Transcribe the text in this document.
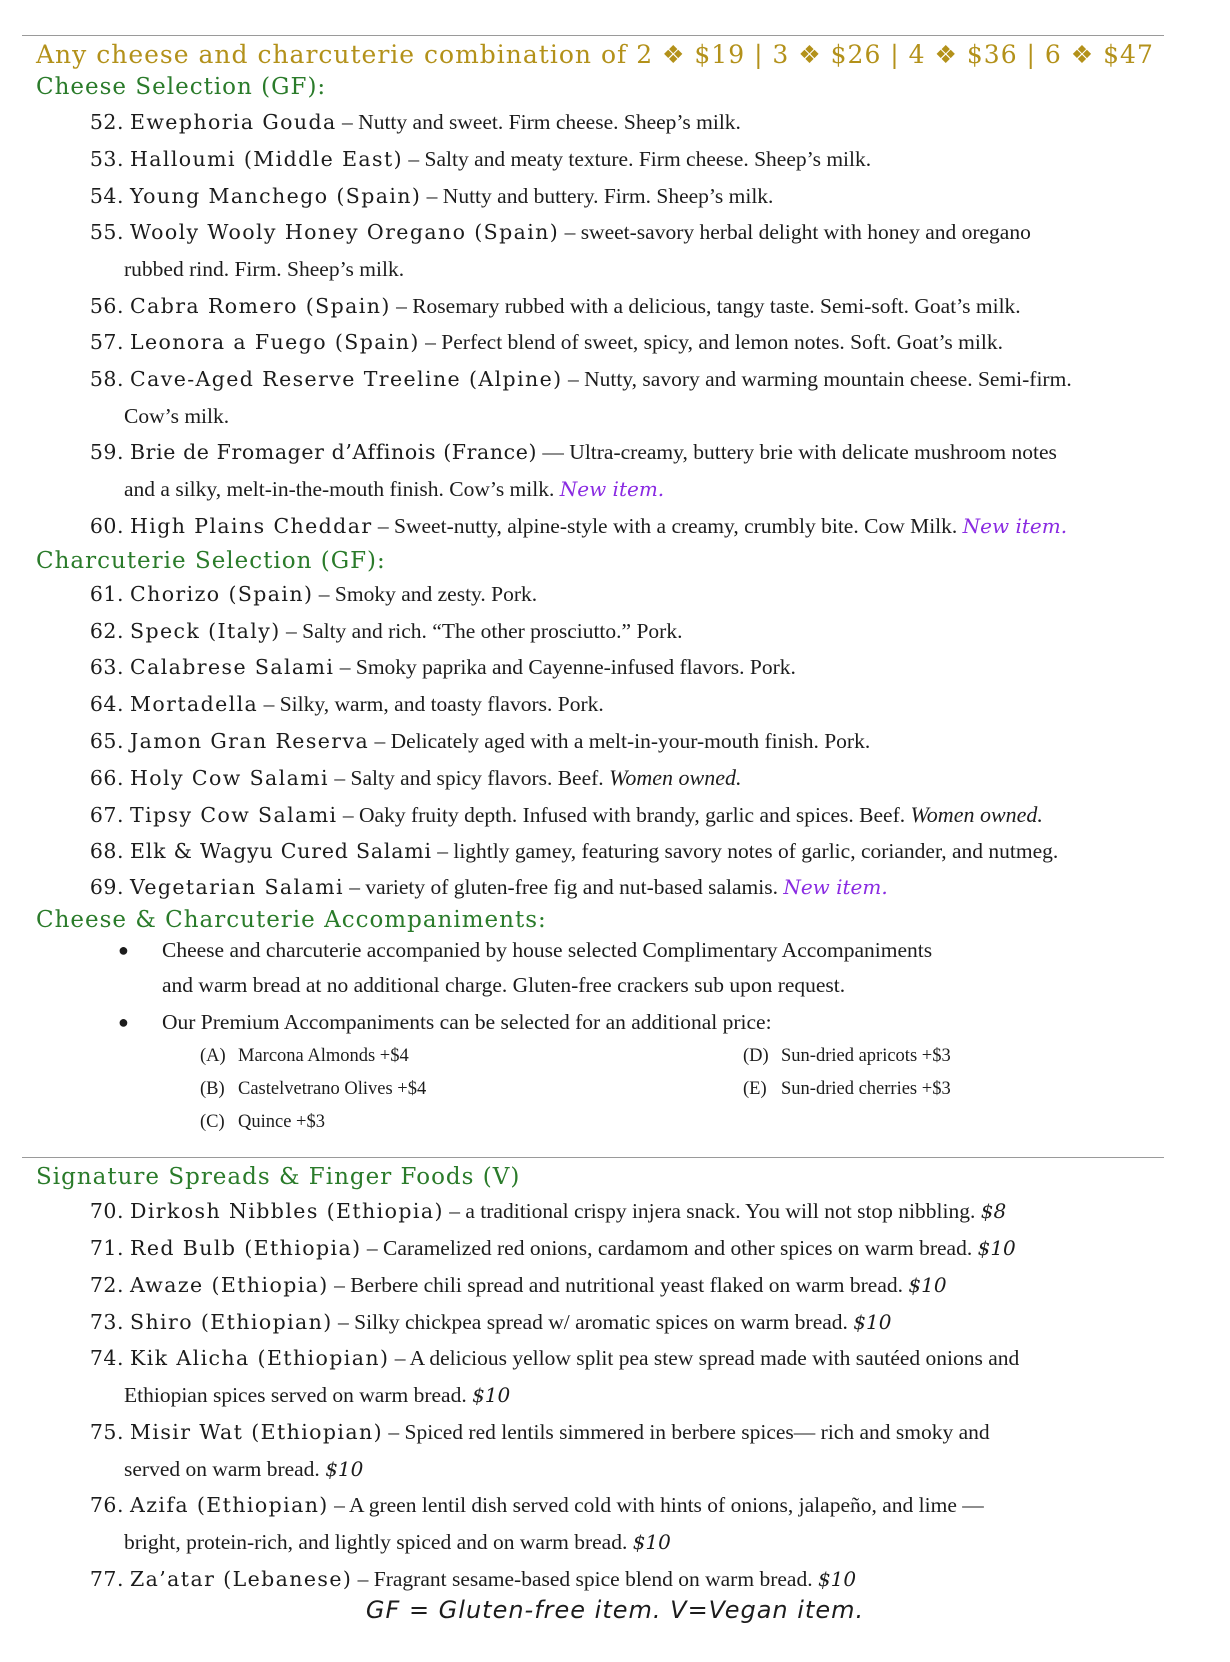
Any cheese and charcuterie combination of 2 ❖ $19 | 3 ❖ $26 | 4 ❖ $36 | 6 ❖ $47
Cheese Selection (GF):
52. Ewephoria Gouda – Nutty and sweet. Firm cheese. Sheep’s milk.
53. Halloumi (Middle East) – Salty and meaty texture. Firm cheese. Sheep’s milk.
54. Young Manchego (Spain) – Nutty and buttery. Firm. Sheep’s milk.
55. Wooly Wooly Honey Oregano (Spain) – sweet-savory herbal delight with honey and oregano
rubbed rind. Firm. Sheep’s milk.
56. Cabra Romero (Spain) – Rosemary rubbed with a delicious, tangy taste. Semi-soft. Goat’s milk.
57. Leonora a Fuego (Spain) – Perfect blend of sweet, spicy, and lemon notes. Soft. Goat’s milk.
58. Cave-Aged Reserve Treeline (Alpine) – Nutty, savory and warming mountain cheese. Semi-firm.
Cow’s milk.
59. Brie de Fromager d’Affinois (France) — Ultra-creamy, buttery brie with delicate mushroom notes
and a silky, melt-in-the-mouth finish. Cow’s milk. New item.
60. High Plains Cheddar – Sweet-nutty, alpine-style with a creamy, crumbly bite. Cow Milk. New item.
Charcuterie Selection (GF):
61. Chorizo (Spain) – Smoky and zesty. Pork.
62. Speck (Italy) – Salty and rich. “The other prosciutto.” Pork.
63. Calabrese Salami – Smoky paprika and Cayenne-infused flavors. Pork.
64. Mortadella – Silky, warm, and toasty flavors. Pork.
65. Jamon Gran Reserva – Delicately aged with a melt-in-your-mouth finish. Pork.
66. Holy Cow Salami – Salty and spicy flavors. Beef. Women owned.
67. Tipsy Cow Salami – Oaky fruity depth. Infused with brandy, garlic and spices. Beef. Women owned.
68. Elk & Wagyu Cured Salami – lightly gamey, featuring savory notes of garlic, coriander, and nutmeg.
69. Vegetarian Salami – variety of gluten-free fig and nut-based salamis. New item.
Cheese & Charcuterie Accompaniments:
● Cheese and charcuterie accompanied by house selected Complimentary Accompaniments
and warm bread at no additional charge. Gluten-free crackers sub upon request.
● Our Premium Accompaniments can be selected for an additional price:
(A) Marcona Almonds +$4
(B) Castelvetrano Olives +$4
(C) Quince +$3
(D) Sun-dried apricots +$3
(E) Sun-dried cherries +$3
Signature Spreads & Finger Foods (V)
70. Dirkosh Nibbles (Ethiopia) – a traditional crispy injera snack. You will not stop nibbling. $8
71. Red Bulb (Ethiopia) – Caramelized red onions, cardamom and other spices on warm bread. $10
72. Awaze (Ethiopia) – Berbere chili spread and nutritional yeast flaked on warm bread. $10
73. Shiro (Ethiopian) – Silky chickpea spread w/ aromatic spices on warm bread. $10
74. Kik Alicha (Ethiopian) – A delicious yellow split pea stew spread made with sautéed onions and
Ethiopian spices served on warm bread. $10
75. Misir Wat (Ethiopian) – Spiced red lentils simmered in berbere spices— rich and smoky and
served on warm bread. $10
76. Azifa (Ethiopian) – A green lentil dish served cold with hints of onions, jalapeño, and lime —
bright, protein-rich, and lightly spiced and on warm bread. $10
77. Za’atar (Lebanese) – Fragrant sesame-based spice blend on warm bread. $10
GF = Gluten-free item. V=Vegan item.
